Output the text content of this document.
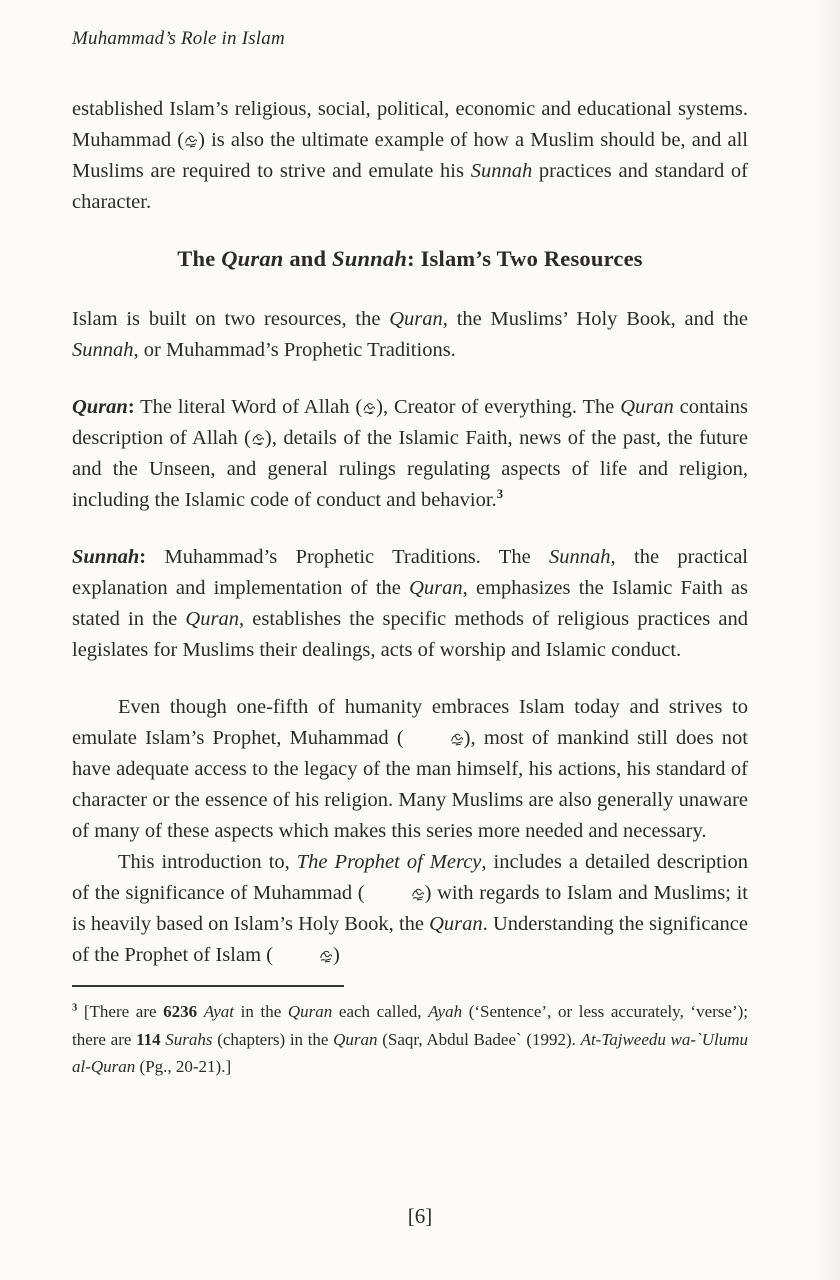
Muhammad’s Role in Islam

established Islam’s religious, social, political, economic and educational systems. Muhammad ( ) is also the ultimate example of how a Muslim should be, and all Muslims are required to strive and emulate his Sunnah practices and standard of character.

The Quran and Sunnah: Islam’s Two Resources

Islam is built on two resources, the Quran, the Muslims’ Holy Book, and the Sunnah, or Muhammad’s Prophetic Traditions.

Quran: The literal Word of Allah ( ), Creator of everything. The Quran contains description of Allah ( ), details of the Islamic Faith, news of the past, the future and the Unseen, and general rulings regulating aspects of life and religion, including the Islamic code of conduct and behavior.$^3$

Sunnah: Muhammad’s Prophetic Traditions. The Sunnah, the practical explanation and implementation of the Quran, emphasizes the Islamic Faith as stated in the Quran, establishes the specific methods of religious practices and legislates for Muslims their dealings, acts of worship and Islamic conduct.

Even though one-fifth of humanity embraces Islam today and strives to emulate Islam’s Prophet, Muhammad (	), most of mankind still does not have adequate access to the legacy of the man himself, his actions, his standard of character or the essence of his religion. Many Muslims are also generally unaware of many of these aspects which makes this series more needed and necessary.

This introduction to, The Prophet of Mercy, includes a detailed description of the significance of Muhammad (	) with regards to Islam and Muslims; it is heavily based on Islam’s Holy Book, the Quran. Understanding the significance of the Prophet of Islam (	)

$^3$ [There are 6236 Ayat in the Quran each called, Ayah (‘Sentence’, or less accurately, ‘verse’); there are 114 Surahs (chapters) in the Quran (Saqr, Abdul Badee` (1992). At-Tajweedu wa-`Ulumu al-Quran (Pg., 20-21).]

[6]
